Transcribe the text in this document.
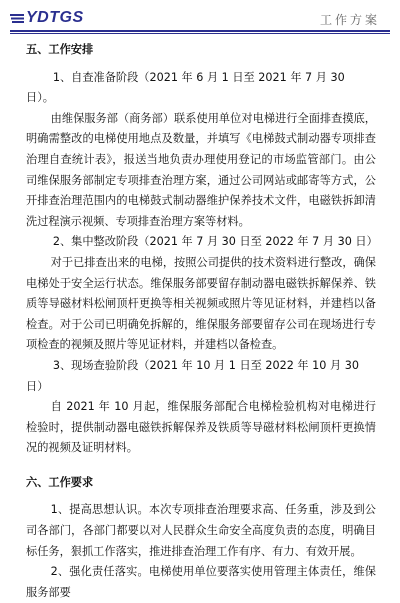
YDTGS	工作方案

五、工作安排

1、自查准备阶段（2021 年 6 月 1 日至 2021 年 7 月 30 日）。

由维保服务部（商务部）联系使用单位对电梯进行全面排查摸底，明确需整改的电梯使用地点及数量，并填写《电梯鼓式制动器专项排查治理自查统计表》，报送当地负责办理使用登记的市场监管部门。由公司维保服务部制定专项排查治理方案，通过公司网站或邮寄等方式，公开排查治理范围内的电梯鼓式制动器维护保养技术文件，电磁铁拆卸清洗过程演示视频、专项排查治理方案等材料。

2、集中整改阶段（2021 年 7 月 30 日至 2022 年 7 月 30 日）

对于已排查出来的电梯，按照公司提供的技术资料进行整改，确保电梯处于安全运行状态。维保服务部要留存制动器电磁铁拆解保养、铁质等导磁材料松闸顶杆更换等相关视频或照片等见证材料，并建档以备检查。对于公司已明确免拆解的，维保服务部要留存公司在现场进行专项检查的视频及照片等见证材料，并建档以备检查。

3、现场查验阶段（2021 年 10 月 1 日至 2022 年 10 月 30 日）

自 2021 年 10 月起，维保服务部配合电梯检验机构对电梯进行检验时，提供制动器电磁铁拆解保养及铁质等导磁材料松闸顶杆更换情况的视频及证明材料。

六、工作要求

1、提高思想认识。本次专项排查治理要求高、任务重，涉及到公司各部门，各部门都要以对人民群众生命安全高度负责的态度，明确目标任务，狠抓工作落实，推进排查治理工作有序、有力、有效开展。

2、强化责任落实。电梯使用单位要落实使用管理主体责任，维保服务部要
